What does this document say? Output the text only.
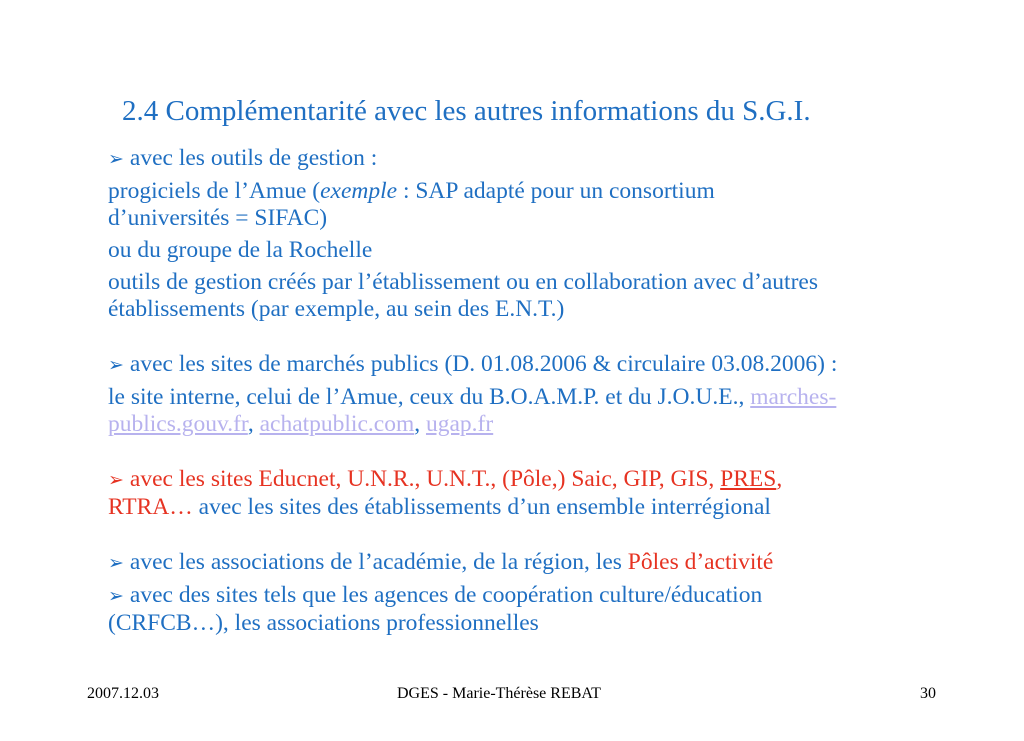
2.4 Complémentarité avec les autres informations du S.G.I.

➢ avec les outils de gestion :

progiciels de l’Amue (exemple : SAP adapté pour un consortium
d’universités = SIFAC)

ou du groupe de la Rochelle

outils de gestion créés par l’établissement ou en collaboration avec d’autres
établissements (par exemple, au sein des E.N.T.)

➢ avec les sites de marchés publics (D. 01.08.2006 & circulaire 03.08.2006) :

le site interne, celui de l’Amue, ceux du B.O.A.M.P. et du J.O.U.E., marches-
publics.gouv.fr, achatpublic.com, ugap.fr

➢ avec les sites Educnet, U.N.R., U.N.T., (Pôle,) Saic, GIP, GIS, PRES,
RTRA… avec les sites des établissements d’un ensemble interrégional

➢ avec les associations de l’académie, de la région, les Pôles d’activité

➢ avec des sites tels que les agences de coopération culture/éducation
(CRFCB…), les associations professionnelles

2007.12.03	DGES - Marie-Thérèse REBAT	30
